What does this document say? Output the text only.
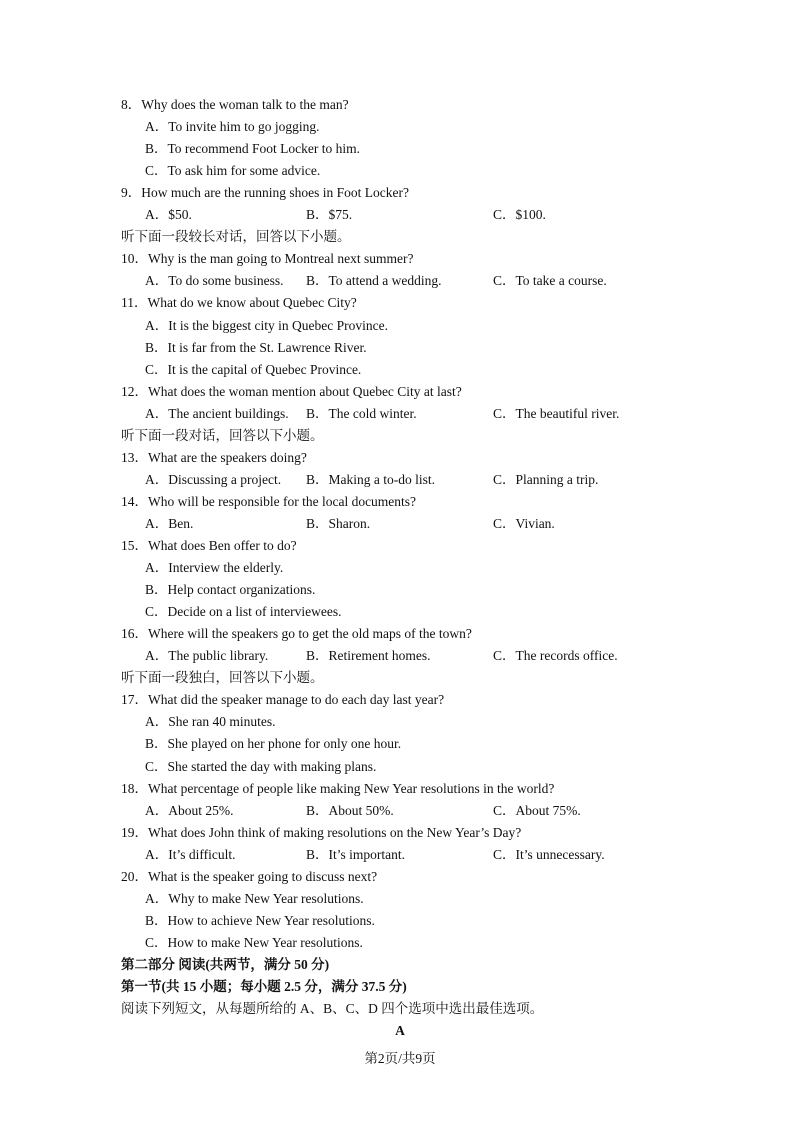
8．Why does the woman talk to the man?
A．To invite him to go jogging.
B．To recommend Foot Locker to him.
C．To ask him for some advice.
9．How much are the running shoes in Foot Locker?
A．$50.	B．$75.	C．$100.
听下面一段较长对话，回答以下小题。
10．Why is the man going to Montreal next summer?
A．To do some business. B．To attend a wedding.	C．To take a course.
11．What do we know about Quebec City?
A．It is the biggest city in Quebec Province.
B．It is far from the St. Lawrence River.
C．It is the capital of Quebec Province.
12．What does the woman mention about Quebec City at last?
A．The ancient buildings. B．The cold winter.	C．The beautiful river.
听下面一段对话，回答以下小题。
13．What are the speakers doing?
A．Discussing a project. B．Making a to-do list.	C．Planning a trip.
14．Who will be responsible for the local documents?
A．Ben.	B．Sharon.	C．Vivian.
15．What does Ben offer to do?
A．Interview the elderly.
B．Help contact organizations.
C．Decide on a list of interviewees.
16．Where will the speakers go to get the old maps of the town?
A．The public library.	B．Retirement homes.	C．The records office.
听下面一段独白，回答以下小题。
17．What did the speaker manage to do each day last year?
A．She ran 40 minutes.
B．She played on her phone for only one hour.
C．She started the day with making plans.
18．What percentage of people like making New Year resolutions in the world?
A．About 25%.	B．About 50%.	C．About 75%.
19．What does John think of making resolutions on the New Year’s Day?
A．It’s difficult.	B．It’s important.	C．It’s unnecessary.
20．What is the speaker going to discuss next?
A．Why to make New Year resolutions.
B．How to achieve New Year resolutions.
C．How to make New Year resolutions.
第二部分 阅读(共两节，满分 50 分)
第一节(共 15 小题；每小题 2.5 分，满分 37.5 分)
阅读下列短文，从每题所给的 A、B、C、D 四个选项中选出最佳选项。
A
第2页/共9页
